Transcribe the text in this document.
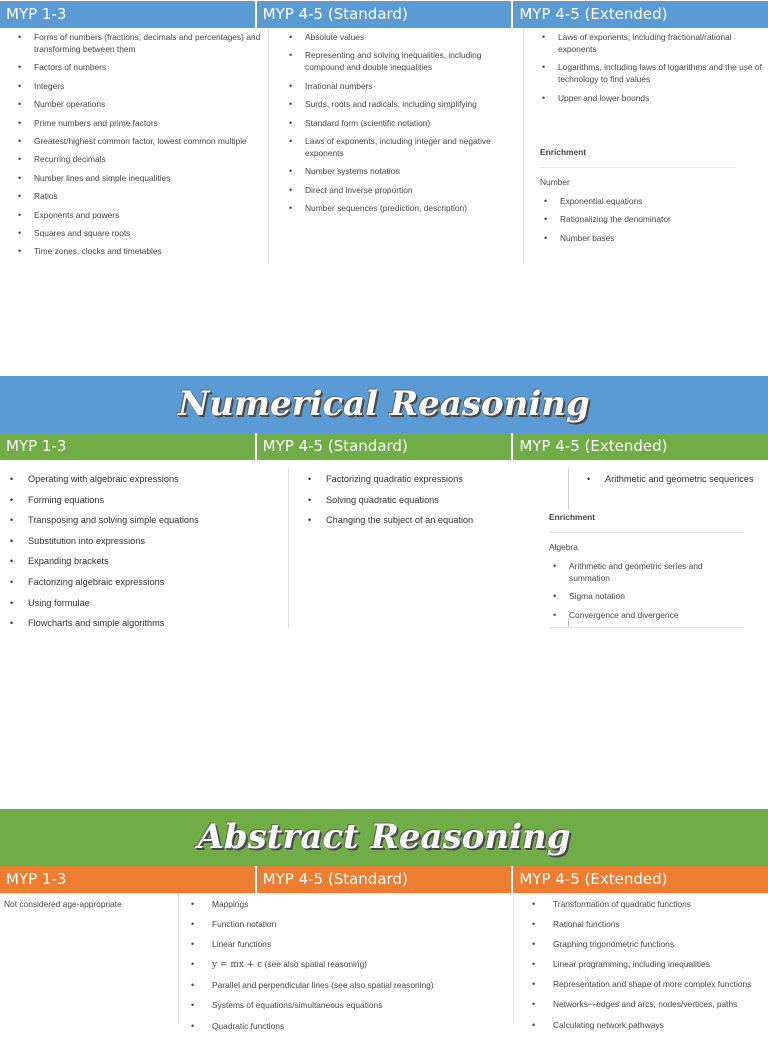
MYP 1-3	MYP 4-5 (Standard)	MYP 4-5 (Extended)
• Forms of numbers (fractions, decimals and percentages) and transforming between them
• Factors of numbers
• Integers
• Number operations
• Prime numbers and prime factors
• Greatest/highest common factor, lowest common multiple
• Recurring decimals
• Number lines and simple inequalities
• Ratios
• Exponents and powers
• Squares and square roots
• Time zones, clocks and timetables
• Absolute values
• Representing and solving inequalities, including compound and double inequalities
• Irrational numbers
• Surds, roots and radicals, including simplifying
• Standard form (scientific notation)
• Laws of exponents, including integer and negative exponents
• Number systems notation
• Direct and inverse proportion
• Number sequences (prediction, description)
• Laws of exponents, including fractional/rational exponents
• Logarithms, including laws of logarithms and the use of technology to find values
• Upper and lower bounds
Enrichment
Number
• Exponential equations
• Rationalizing the denominator
• Number bases
Numerical Reasoning
MYP 1-3	MYP 4-5 (Standard)	MYP 4-5 (Extended)
• Operating with algebraic expressions
• Forming equations
• Transposing and solving simple equations
• Substitution into expressions
• Expanding brackets
• Factorizing algebraic expressions
• Using formulae
• Flowcharts and simple algorithms
• Factorizing quadratic expressions
• Solving quadratic equations
• Changing the subject of an equation
• Arithmetic and geometric sequences
Enrichment
Algebra
• Arithmetic and geometric series and summation
• Sigma notation
• Convergence and divergence
Abstract Reasoning
MYP 1-3	MYP 4-5 (Standard)	MYP 4-5 (Extended)
Not considered age-appropriate
•	Mappings
• Function notation
• Linear functions
• y = mx + c (see also spatial reasoning)
• Parallel and perpendicular lines (see also spatial reasoning)
• Systems of equations/simultaneous equations
• Quadratic functions
• Transformation of quadratic functions
• Rational functions
• Graphing trigonometric functions
• Linear programming, including inequalities
• Representation and shape of more complex functions
• Networks—edges and arcs, nodes/vertices, paths
• Calculating network pathways
